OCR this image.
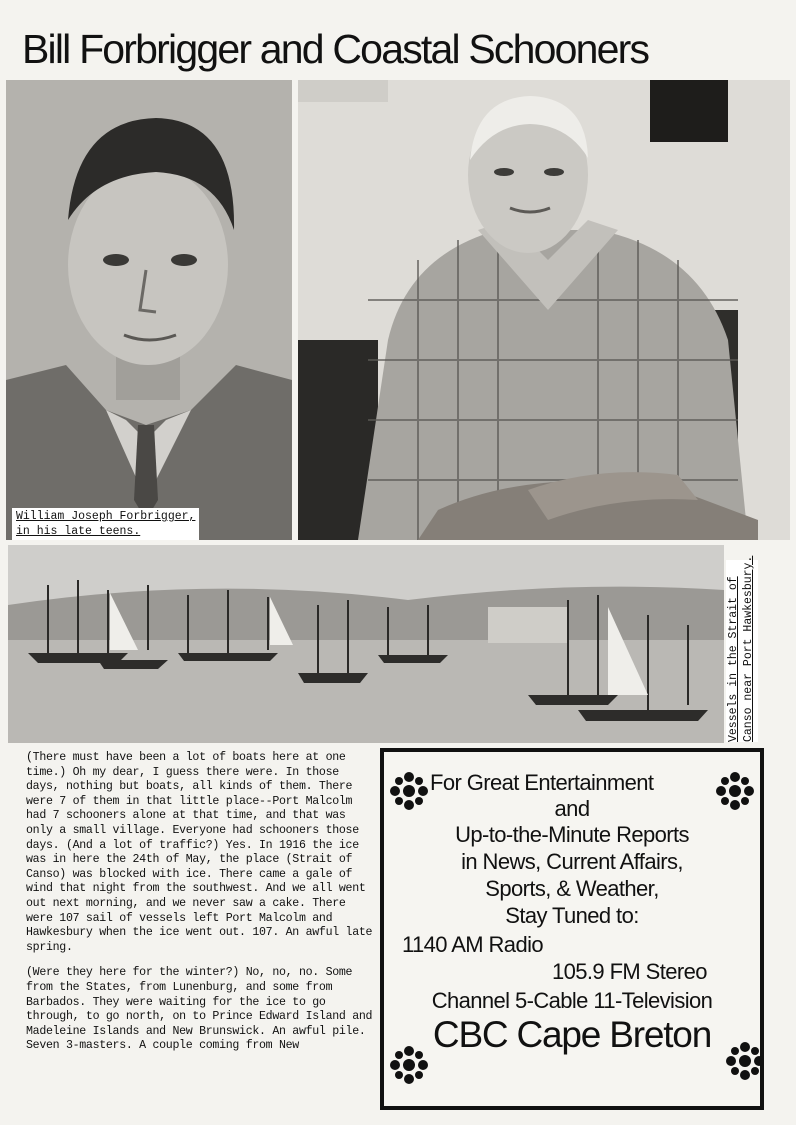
Bill Forbrigger and Coastal Schooners
William Joseph Forbrigger,
in his late teens.
Vessels in the Strait of Canso near Port Hawkesbury.

(There must have been a lot of boats here at one time.) Oh my dear, I guess there were. In those days, nothing but boats, all kinds of them. There were 7 of them in that little place--Port Malcolm had 7 schooners alone at that time, and that was only a small village. Everyone had schooners those days. (And a lot of traffic?) Yes. In 1916 the ice was in here the 24th of May, the place (Strait of Canso) was blocked with ice. There came a gale of wind that night from the southwest. And we all went out next morning, and we never saw a cake. There were 107 sail of vessels left Port Malcolm and Hawkesbury when the ice went out. 107. An awful late spring.

(Were they here for the winter?) No, no, no. Some from the States, from Lunenburg, and some from Barbados. They were waiting for the ice to go through, to go north, on to Prince Edward Island and Madeleine Islands and New Brunswick. An awful pile. Seven 3-masters. A couple coming from New

For Great Entertainment
and
Up-to-the-Minute Reports
in News, Current Affairs,
Sports, & Weather,
Stay Tuned to:
1140 AM Radio
105.9 FM Stereo
Channel 5-Cable 11-Television
CBC Cape Breton
